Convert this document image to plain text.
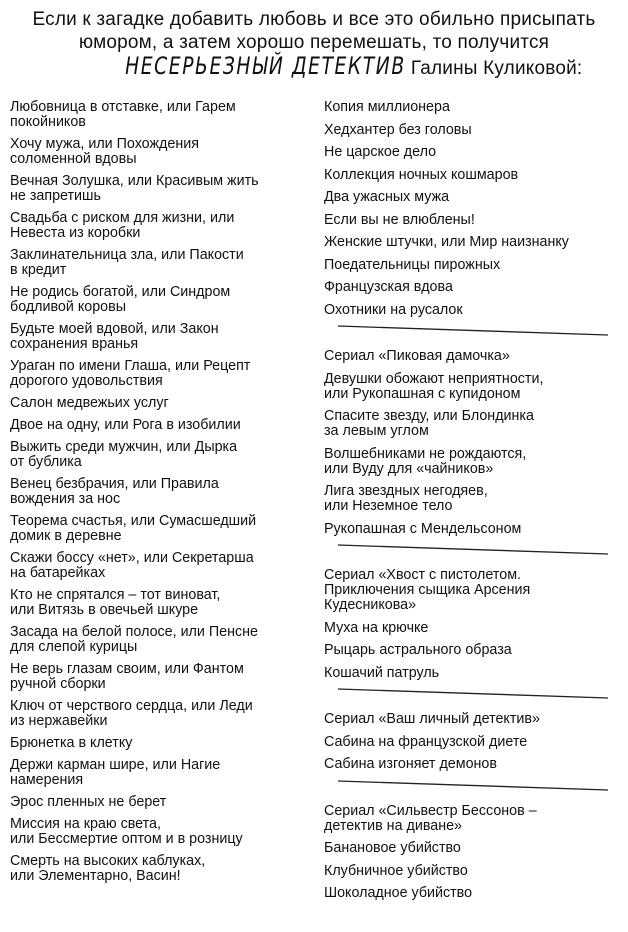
Если к загадке добавить любовь и все это обильно присыпать
юмором, а затем хорошо перемешать, то получится
НЕСЕРЬЕЗНЫЙ ДЕТЕКТИВ Галины Куликовой:
Любовница в отставке, или Гарем
покойников
Хочу мужа, или Похождения
соломенной вдовы
Вечная Золушка, или Красивым жить
не запретишь
Свадьба с риском для жизни, или
Невеста из коробки
Заклинательница зла, или Пакости
в кредит
Не родись богатой, или Синдром
бодливой коровы
Будьте моей вдовой, или Закон
сохранения вранья
Ураган по имени Глаша, или Рецепт
дорогого удовольствия
Салон медвежьих услуг
Двое на одну, или Рога в изобилии
Выжить среди мужчин, или Дырка
от бублика
Венец безбрачия, или Правила
вождения за нос
Теорема счастья, или Сумасшедший
домик в деревне
Скажи боссу «нет», или Секретарша
на батарейках
Кто не спрятался – тот виноват,
или Витязь в овечьей шкуре
Засада на белой полосе, или Пенсне
для слепой курицы
Не верь глазам своим, или Фантом
ручной сборки
Ключ от черствого сердца, или Леди
из нержавейки
Брюнетка в клетку
Держи карман шире, или Нагие
намерения
Эрос пленных не берет
Миссия на краю света,
или Бессмертие оптом и в розницу
Смерть на высоких каблуках,
или Элементарно, Васин!
Копия миллионера
Хедхантер без головы
Не царское дело
Коллекция ночных кошмаров
Два ужасных мужа
Если вы не влюблены!
Женские штучки, или Мир наизнанку
Поедательницы пирожных
Французская вдова
Охотники на русалок
Сериал «Пиковая дамочка»
Девушки обожают неприятности,
или Рукопашная с купидоном
Спасите звезду, или Блондинка
за левым углом
Волшебниками не рождаются,
или Вуду для «чайников»
Лига звездных негодяев,
или Неземное тело
Рукопашная с Мендельсоном
Сериал «Хвост с пистолетом.
Приключения сыщика Арсения
Кудесникова»
Муха на крючке
Рыцарь астрального образа
Кошачий патруль
Сериал «Ваш личный детектив»
Сабина на французской диете
Сабина изгоняет демонов
Сериал «Сильвестр Бессонов –
детектив на диване»
Банановое убийство
Клубничное убийство
Шоколадное убийство
